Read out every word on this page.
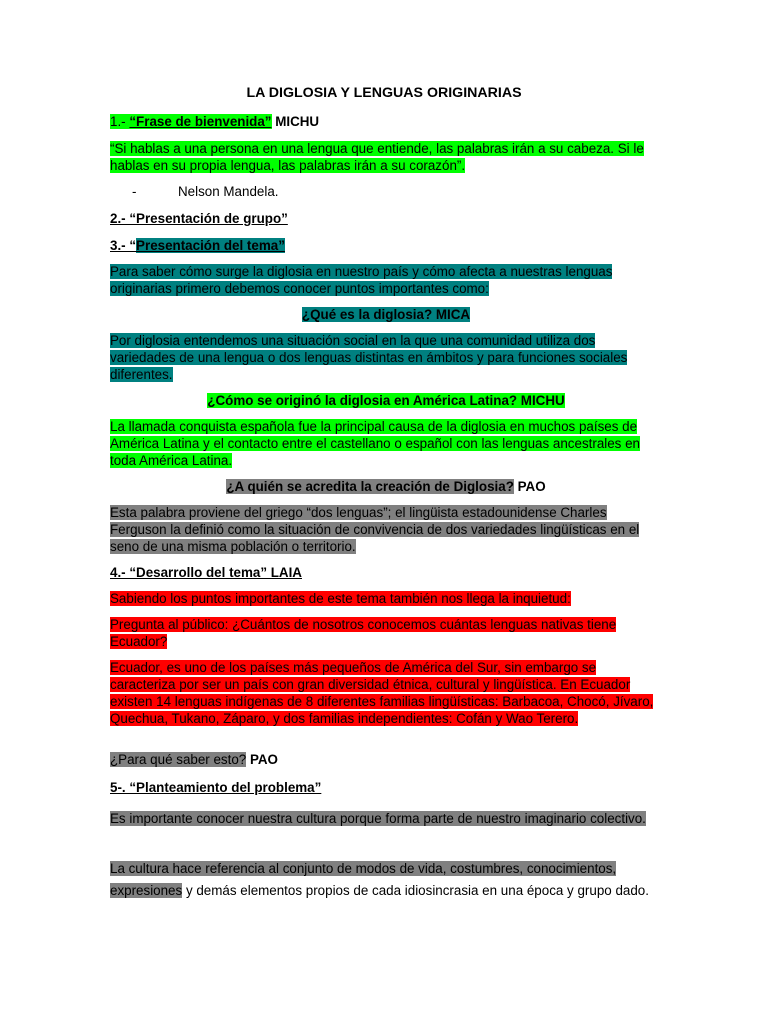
LA DIGLOSIA Y LENGUAS ORIGINARIAS
1.- “Frase de bienvenida” MICHU
“Si hablas a una persona en una lengua que entiende, las palabras irán a su cabeza. Si le hablas en su propia lengua, las palabras irán a su corazón”.
-	Nelson Mandela.
2.- “Presentación de grupo”
3.- “Presentación del tema”
Para saber cómo surge la diglosia en nuestro país y cómo afecta a nuestras lenguas originarias primero debemos conocer puntos importantes como:
¿Qué es la diglosia? MICA
Por diglosia entendemos una situación social en la que una comunidad utiliza dos variedades de una lengua o dos lenguas distintas en ámbitos y para funciones sociales diferentes.
¿Cómo se originó la diglosia en América Latina? MICHU
La llamada conquista española fue la principal causa de la diglosia en muchos países de América Latina y el contacto entre el castellano o español con las lenguas ancestrales en toda América Latina.
¿A quién se acredita la creación de Diglosia? PAO
Esta palabra proviene del griego “dos lenguas”; el lingüista estadounidense Charles Ferguson la definió como la situación de convivencia de dos variedades lingüísticas en el seno de una misma población o territorio.
4.- “Desarrollo del tema” LAIA
Sabiendo los puntos importantes de este tema también nos llega la inquietud:
Pregunta al público: ¿Cuántos de nosotros conocemos cuántas lenguas nativas tiene Ecuador?
Ecuador, es uno de los países más pequeños de América del Sur, sin embargo se caracteriza por ser un país con gran diversidad étnica, cultural y lingüística. En Ecuador existen 14 lenguas indígenas de 8 diferentes familias lingüísticas: Barbacoa, Chocó, Jívaro, Quechua, Tukano, Záparo, y dos familias independientes: Cofán y Wao Terero.
¿Para qué saber esto? PAO
5-. “Planteamiento del problema”
Es importante conocer nuestra cultura porque forma parte de nuestro imaginario colectivo.
La cultura hace referencia al conjunto de modos de vida, costumbres, conocimientos, expresiones y demás elementos propios de cada idiosincrasia en una época y grupo dado.
